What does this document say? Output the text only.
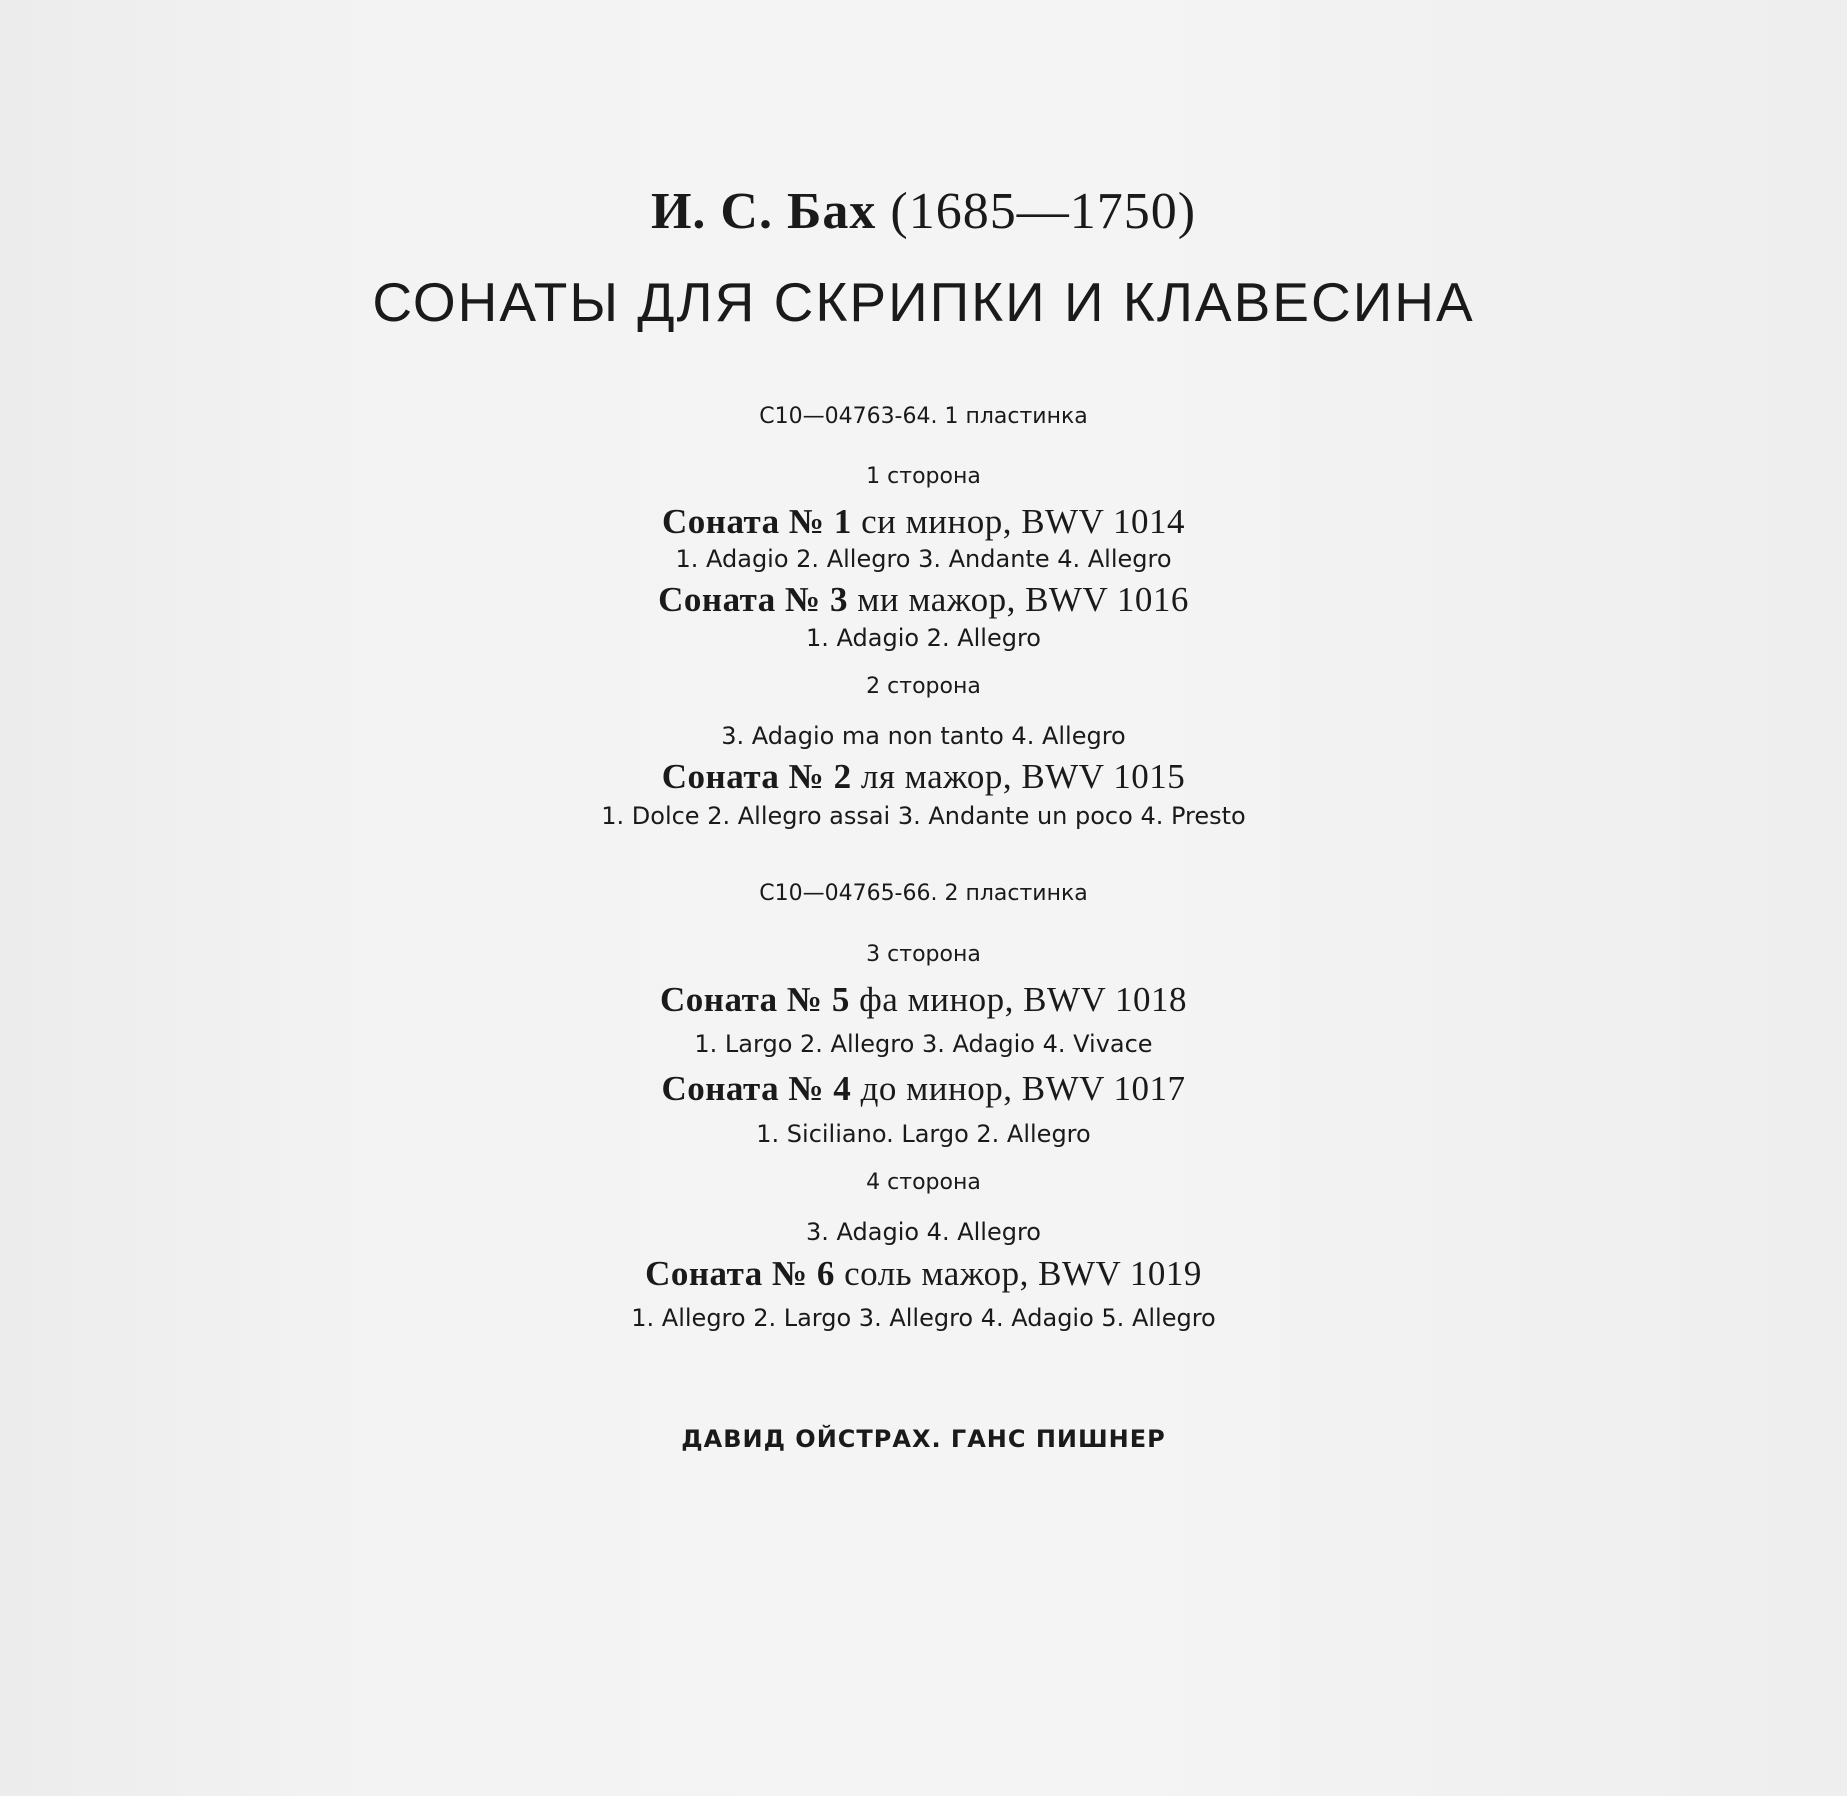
И. С. Бах (1685—1750)
СОНАТЫ ДЛЯ СКРИПКИ И КЛАВЕСИНА
С10—04763-64. 1 пластинка
1 сторона
Соната № 1 си минор, BWV 1014
1. Adagio 2. Allegro 3. Andante 4. Allegro
Соната № 3 ми мажор, BWV 1016
1. Adagio 2. Allegro
2 сторона
3. Adagio ma non tanto 4. Allegro
Соната № 2 ля мажор, BWV 1015
1. Dolce 2. Allegro assai 3. Andante un poco 4. Presto
С10—04765-66. 2 пластинка
3 сторона
Соната № 5 фа минор, BWV 1018
1. Largo 2. Allegro 3. Adagio 4. Vivace
Соната № 4 до минор, BWV 1017
1. Siciliano. Largo 2. Allegro
4 сторона
3. Adagio 4. Allegro
Соната № 6 соль мажор, BWV 1019
1. Allegro 2. Largo 3. Allegro 4. Adagio 5. Allegro
ДАВИД ОЙСТРАХ. ГАНС ПИШНЕР
